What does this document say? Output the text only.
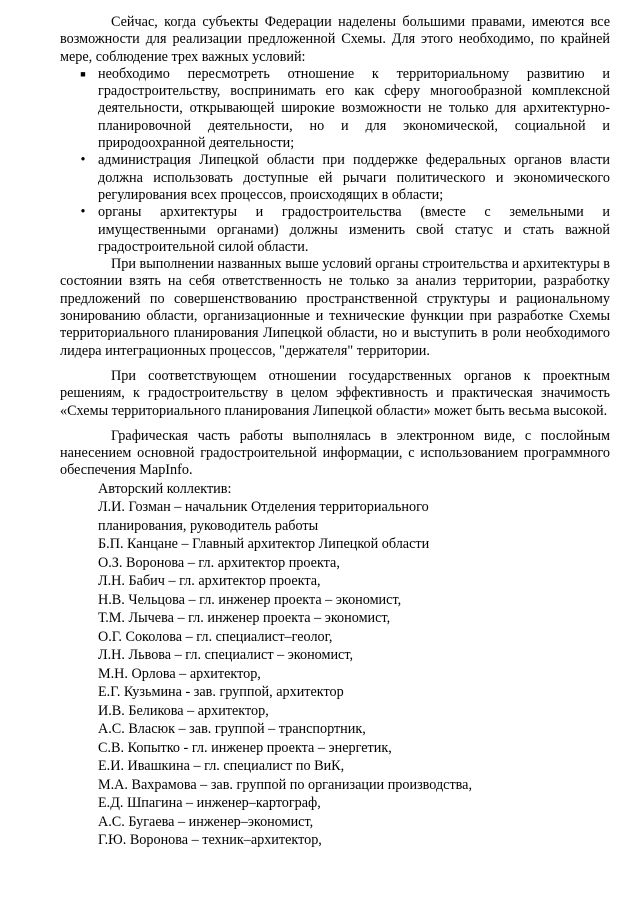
Сейчас, когда субъекты Федерации наделены большими правами, имеются все возможности для реализации предложенной Схемы. Для этого необходимо, по крайней мере, соблюдение трех важных условий:

■ необходимо пересмотреть отношение к территориальному развитию и градостроительству, воспринимать его как сферу многообразной комплексной деятельности, открывающей широкие возможности не только для архитектурно-планировочной деятельности, но и для экономической, социальной и природоохранной деятельности;
• администрация Липецкой области при поддержке федеральных органов власти должна использовать доступные ей рычаги политического и экономического регулирования всех процессов, происходящих в области;
• органы архитектуры и градостроительства (вместе с земельными и имущественными органами) должны изменить свой статус и стать важной градостроительной силой области.

При выполнении названных выше условий органы строительства и архитектуры в состоянии взять на себя ответственность не только за анализ территории, разработку предложений по совершенствованию пространственной структуры и рациональному зонированию области, организационные и технические функции при разработке Схемы территориального планирования Липецкой области, но и выступить в роли необходимого лидера интеграционных процессов, "держателя" территории.

При соответствующем отношении государственных органов к проектным решениям, к градостроительству в целом эффективность и практическая значимость «Схемы территориального планирования Липецкой области» может быть весьма высокой.

Графическая часть работы выполнялась в электронном виде, с послойным нанесением основной градостроительной информации, с использованием программного обеспечения MapInfo.

Авторский коллектив:
Л.И. Гозман – начальник Отделения территориального
планирования, руководитель работы
Б.П. Канцане – Главный архитектор Липецкой области
О.З. Воронова – гл. архитектор проекта,
Л.Н. Бабич – гл. архитектор проекта,
Н.В. Чельцова – гл. инженер проекта – экономист,
Т.М. Лычева – гл. инженер проекта – экономист,
О.Г. Соколова – гл. специалист–геолог,
Л.Н. Львова – гл. специалист – экономист,
М.Н. Орлова – архитектор,
Е.Г. Кузьмина - зав. группой, архитектор
И.В. Беликова – архитектор,
А.С. Власюк – зав. группой – транспортник,
С.В. Копытко - гл. инженер проекта – энергетик,
Е.И. Ивашкина – гл. специалист по ВиК,
М.А. Вахрамова – зав. группой по организации производства,
Е.Д. Шпагина – инженер–картограф,
А.С. Бугаева – инженер–экономист,
Г.Ю. Воронова – техник–архитектор,
